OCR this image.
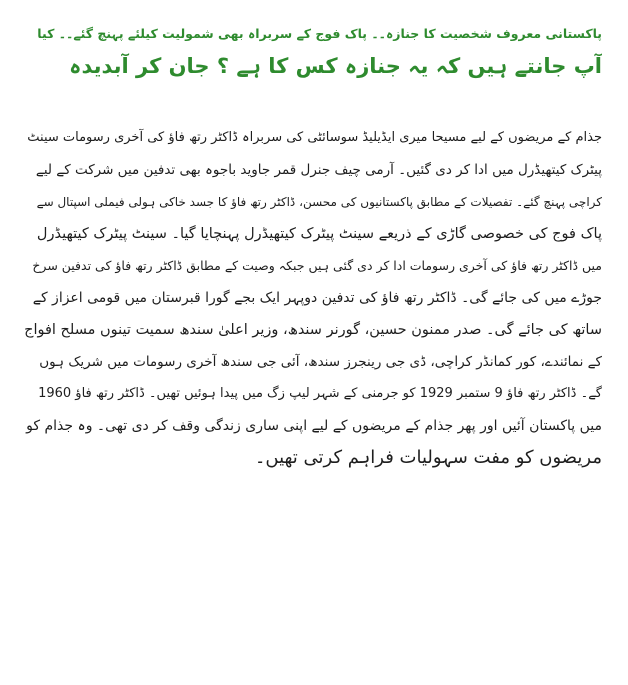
پاکستانی معروف شخصیت کا جنازہ۔۔ پاک فوج کے سربراہ بھی شمولیت کیلئے پہنچ گئے۔۔ کیا
آپ جانتے ہیں کہ یہ جنازہ کس کا ہے ؟ جان کر آبدیدہ
جذام کے مریضوں کے لیے مسیحا میری ایڈیلیڈ سوسائٹی کی سربراہ ڈاکٹر رتھ فاؤ کی آخری رسومات سینٹ
پیٹرک کیتھیڈرل میں ادا کر دی گئیں۔ آرمی چیف جنرل قمر جاوید باجوہ بھی تدفین میں شرکت کے لیے
کراچی پہنچ گئے۔ تفصیلات کے مطابق پاکستانیوں کی محسن، ڈاکٹر رتھ فاؤ کا جسد خاکی ہولی فیملی اسپتال سے
پاک فوج کی خصوصی گاڑی کے ذریعے سینٹ پیٹرک کیتھیڈرل پہنچایا گیا۔ سینٹ پیٹرک کیتھیڈرل
میں ڈاکٹر رتھ فاؤ کی آخری رسومات ادا کر دی گئی ہیں جبکہ وصیت کے مطابق ڈاکٹر رتھ فاؤ کی تدفین سرخ
جوڑے میں کی جائے گی۔ ڈاکٹر رتھ فاؤ کی تدفین دوپہر ایک بجے گورا قبرستان میں قومی اعزاز کے
ساتھ کی جائے گی۔ صدر ممنون حسین، گورنر سندھ، وزیر اعلیٰ سندھ سمیت تینوں مسلح افواج
کے نمائندے، کور کمانڈر کراچی، ڈی جی رینجرز سندھ، آئی جی سندھ آخری رسومات میں شریک ہوں
گے۔ ڈاکٹر رتھ فاؤ 9 ستمبر 1929 کو جرمنی کے شہر لیپ زگ میں پیدا ہوئیں تھیں۔ ڈاکٹر رتھ فاؤ 1960
میں پاکستان آئیں اور پھر جذام کے مریضوں کے لیے اپنی ساری زندگی وقف کر دی تھی۔ وہ جذام کو
مریضوں کو مفت سہولیات فراہم کرتی تھیں۔
